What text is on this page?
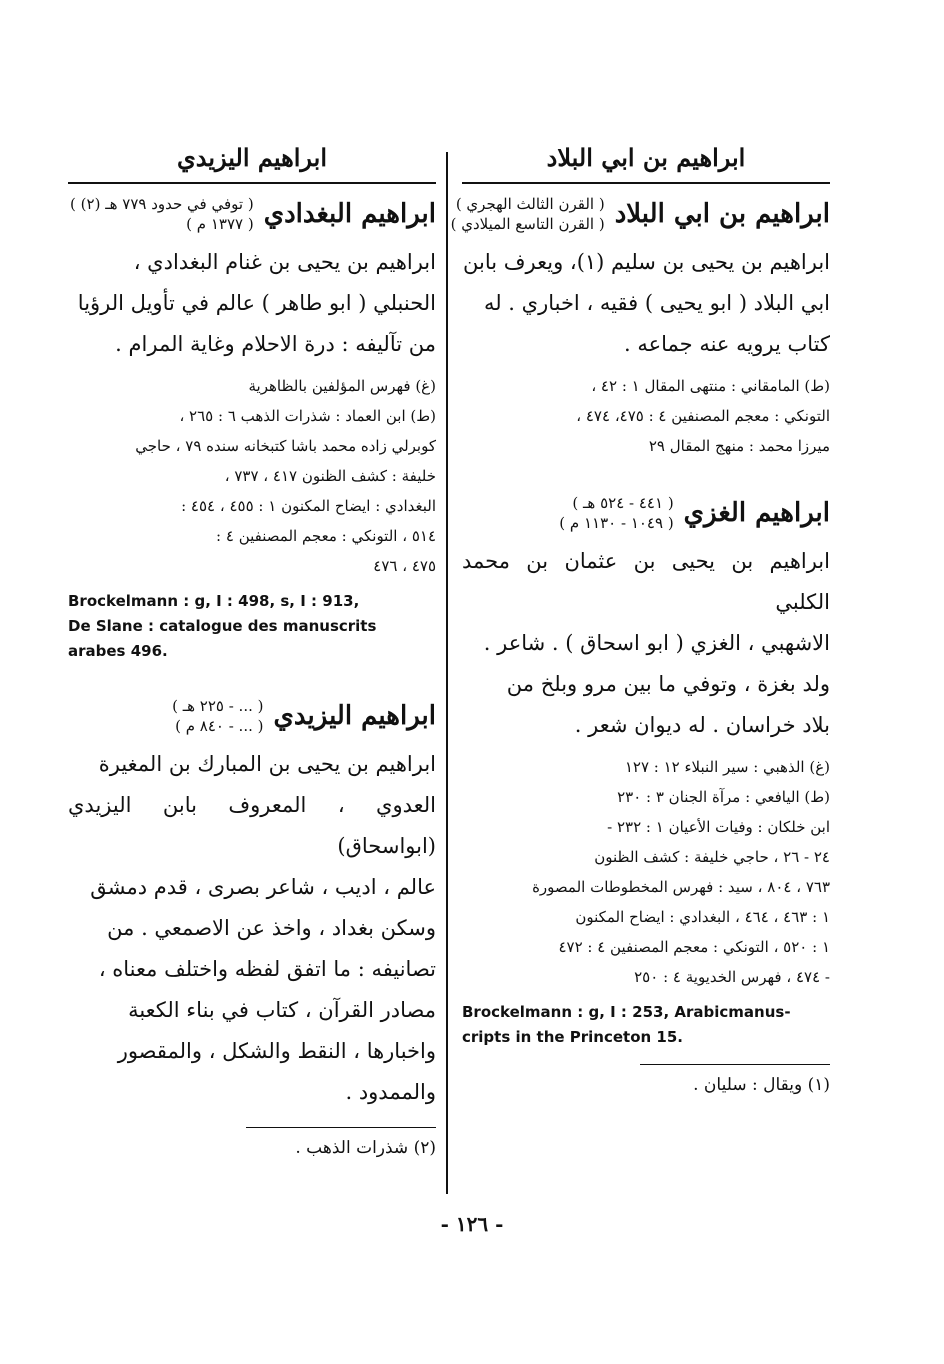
ابراهيم بن ابي البلاد
ابراهيم بن ابي البلاد
( القرن الثالث الهجري )
( القرن التاسع الميلادي )
ابراهيم بن يحيى بن سليم (١)، ويعرف بابن
ابي البلاد ( ابو يحيى ) فقيه ، اخباري . له
كتاب يرويه عنه جماعه .
(ط) المامقاني : منتهى المقال ١ : ٤٢ ،
التونكي : معجم المصنفين ٤ : ٤٧٥، ٤٧٤ ،
ميرزا محمد : منهج المقال ٢٩
ابراهيم الغزي
( ٤٤١ - ٥٢٤ هـ )
( ١٠٤٩ - ١١٣٠ م )
ابراهيم بن يحيى بن عثمان بن محمد الكلبي
الاشهبي ، الغزي ( ابو اسحاق ) . شاعر .
ولد بغزة ، وتوفي ما بين مرو وبلخ من
بلاد خراسان . له ديوان شعر .
(غ) الذهبي : سير النبلاء ١٢ : ١٢٧
(ط) اليافعي : مرآة الجنان ٣ : ٢٣٠
ابن خلكان : وفيات الأعيان ١ : ٢٣٢ -
٢٤ - ٢٦ ، حاجي خليفة : كشف الظنون
٧٦٣ ، ٨٠٤ ، سيد : فهرس المخطوطات المصورة
١ : ٤٦٣ ، ٤٦٤ ، البغدادي : ايضاح المكنون
١ : ٥٢٠ ، التونكي : معجم المصنفين ٤ : ٤٧٢
- ٤٧٤ ، فهرس الخديوية ٤ : ٢٥٠
Brockelmann : g, I : 253, Arabicmanus-
cripts in the Princeton 15.
(١) ويقال : سليان .
ابراهيم اليزيدي
ابراهيم البغدادي
( توفي في حدود ٧٧٩ هـ (٢) )
( ١٣٧٧ م )
ابراهيم بن يحيى بن غنام البغدادي ،
الحنبلي ( ابو طاهر ) عالم في تأويل الرؤيا
من تآليفه : درة الاحلام وغاية المرام .
(غ) فهرس المؤلفين بالظاهرية
(ط) ابن العماد : شذرات الذهب ٦ : ٢٦٥ ،
كوبرلي زاده محمد باشا كتبخانه سنده ٧٩ ، حاجي
خليفة : كشف الظنون ٤١٧ ، ٧٣٧ ،
البغدادي : ايضاح المكنون ١ : ٤٥٥ ، ٤٥٤ :
٥١٤ ، التونكي : معجم المصنفين ٤ :
٤٧٥ ، ٤٧٦
Brockelmann : g, I : 498, s, I : 913,
De Slane : catalogue des manuscrits
arabes 496.
ابراهيم اليزيدي
( ... - ٢٢٥ هـ )
( ... - ٨٤٠ م )
ابراهيم بن يحيى بن المبارك بن المغيرة
العدوي ، المعروف بابن اليزيدي (ابواسحاق)
عالم ، اديب ، شاعر بصرى ، قدم دمشق
وسكن بغداد ، واخذ عن الاصمعي . من
تصانيفه : ما اتفق لفظه واختلف معناه ،
مصادر القرآن ، كتاب في بناء الكعبة
واخبارها ، النقط والشكل ، والمقصور
والممدود .
(٢) شذرات الذهب .
- ١٢٦ -
